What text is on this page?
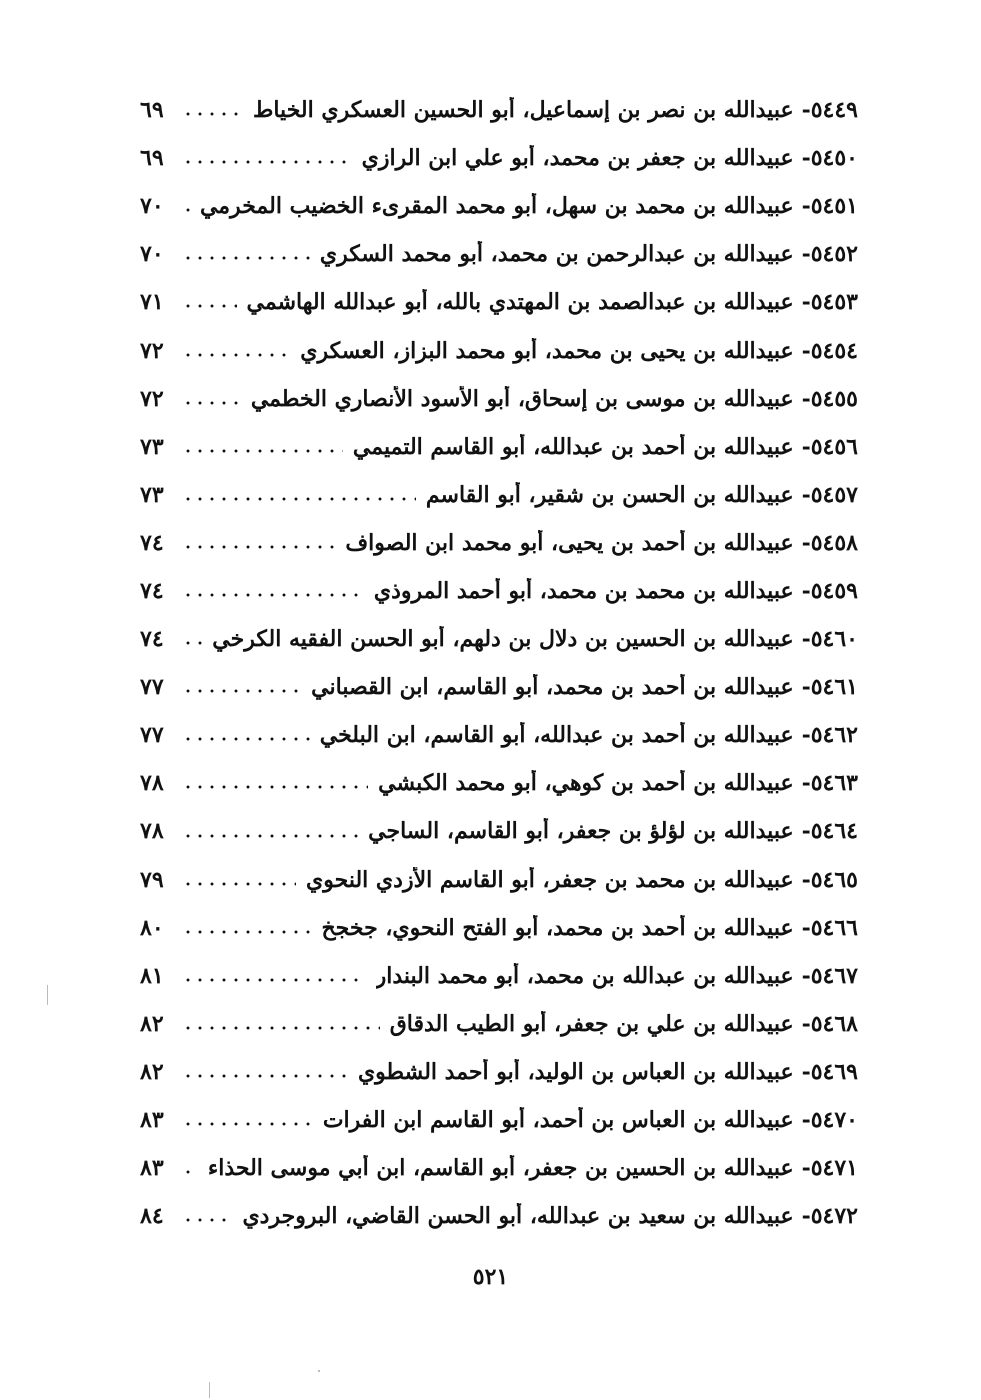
٥٤٤٩-
عبيدالله بن نصر بن إسماعيل، أبو الحسين العسكري الخياط
٦٩
٥٤٥٠-
عبيدالله بن جعفر بن محمد، أبو علي ابن الرازي
٦٩
٥٤٥١-
عبيدالله بن محمد بن سهل، أبو محمد المقرىء الخضيب المخرمي
٧٠
٥٤٥٢-
عبيدالله بن عبدالرحمن بن محمد، أبو محمد السكري
٧٠
٥٤٥٣-
عبيدالله بن عبدالصمد بن المهتدي بالله، أبو عبدالله الهاشمي
٧١
٥٤٥٤-
عبيدالله بن يحيى بن محمد، أبو محمد البزاز، العسكري
٧٢
٥٤٥٥-
عبيدالله بن موسى بن إسحاق، أبو الأسود الأنصاري الخطمي
٧٢
٥٤٥٦-
عبيدالله بن أحمد بن عبدالله، أبو القاسم التميمي
٧٣
٥٤٥٧-
عبيدالله بن الحسن بن شقير، أبو القاسم
٧٣
٥٤٥٨-
عبيدالله بن أحمد بن يحيى، أبو محمد ابن الصواف
٧٤
٥٤٥٩-
عبيدالله بن محمد بن محمد، أبو أحمد المروذي
٧٤
٥٤٦٠-
عبيدالله بن الحسين بن دلال بن دلهم، أبو الحسن الفقيه الكرخي
٧٤
٥٤٦١-
عبيدالله بن أحمد بن محمد، أبو القاسم، ابن القصباني
٧٧
٥٤٦٢-
عبيدالله بن أحمد بن عبدالله، أبو القاسم، ابن البلخي
٧٧
٥٤٦٣-
عبيدالله بن أحمد بن كوهي، أبو محمد الكبشي
٧٨
٥٤٦٤-
عبيدالله بن لؤلؤ بن جعفر، أبو القاسم، الساجي
٧٨
٥٤٦٥-
عبيدالله بن محمد بن جعفر، أبو القاسم الأزدي النحوي
٧٩
٥٤٦٦-
عبيدالله بن أحمد بن محمد، أبو الفتح النحوي، جخجخ
٨٠
٥٤٦٧-
عبيدالله بن عبدالله بن محمد، أبو محمد البندار
٨١
٥٤٦٨-
عبيدالله بن علي بن جعفر، أبو الطيب الدقاق
٨٢
٥٤٦٩-
عبيدالله بن العباس بن الوليد، أبو أحمد الشطوي
٨٢
٥٤٧٠-
عبيدالله بن العباس بن أحمد، أبو القاسم ابن الفرات
٨٣
٥٤٧١-
عبيدالله بن الحسين بن جعفر، أبو القاسم، ابن أبي موسى الحذاء
٨٣
٥٤٧٢-
عبيدالله بن سعيد بن عبدالله، أبو الحسن القاضي، البروجردي
٨٤
٥٢١
